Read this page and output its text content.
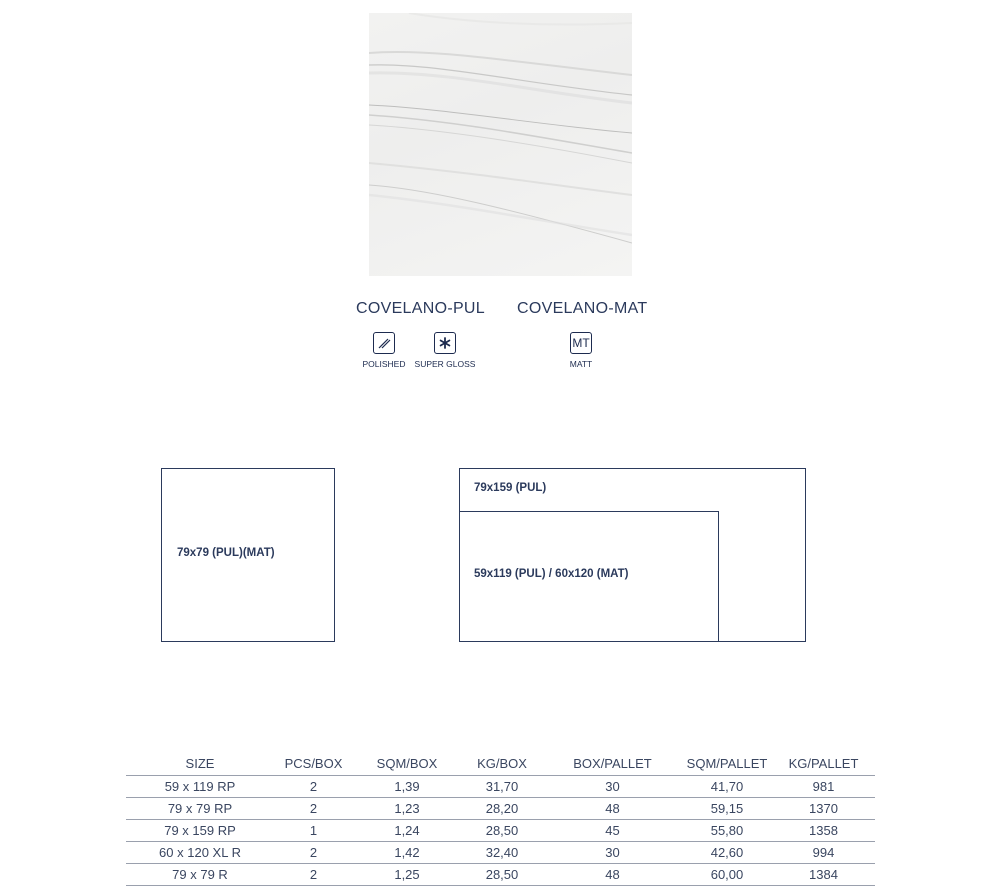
COVELANO-PUL COVELANO-MAT
POLISHED SUPER GLOSS
MT
MATT
79x79 (PUL)(MAT)
79x159 (PUL)
59x119 (PUL) / 60x120 (MAT)
SIZE	PCS/BOX	SQM/BOX	KG/BOX	BOX/PALLET	SQM/PALLET	KG/PALLET
59 x 119 RP	2	1,39	31,70	30	41,70	981
79 x 79 RP	2	1,23	28,20	48	59,15	1370
79 x 159 RP	1	1,24	28,50	45	55,80	1358
60 x 120 XL R	2	1,42	32,40	30	42,60	994
79 x 79 R	2	1,25	28,50	48	60,00	1384
